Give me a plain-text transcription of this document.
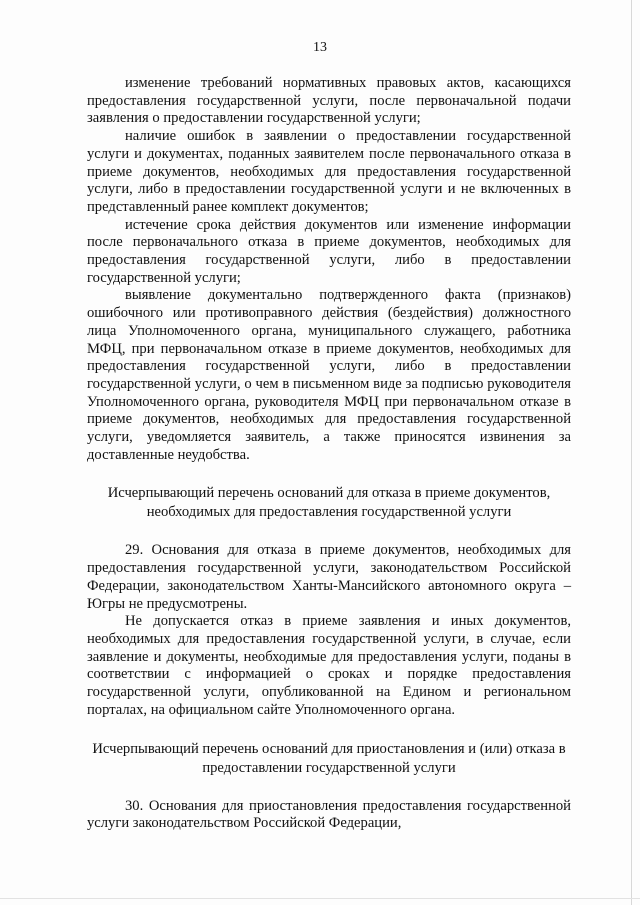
13

изменение требований нормативных правовых актов, касающихся предоставления государственной услуги, после первоначальной подачи заявления о предоставлении государственной услуги;

наличие ошибок в заявлении о предоставлении государственной услуги и документах, поданных заявителем после первоначального отказа в приеме документов, необходимых для предоставления государственной услуги, либо в предоставлении государственной услуги и не включенных в представленный ранее комплект документов;

истечение срока действия документов или изменение информации после первоначального отказа в приеме документов, необходимых для предоставления государственной услуги, либо в предоставлении государственной услуги;

выявление документально подтвержденного факта (признаков) ошибочного или противоправного действия (бездействия) должностного лица Уполномоченного органа, муниципального служащего, работника МФЦ, при первоначальном отказе в приеме документов, необходимых для предоставления государственной услуги, либо в предоставлении государственной услуги, о чем в письменном виде за подписью руководителя Уполномоченного органа, руководителя МФЦ при первоначальном отказе в приеме документов, необходимых для предоставления государственной услуги, уведомляется заявитель, а также приносятся извинения за доставленные неудобства.

Исчерпывающий перечень оснований для отказа в приеме документов, необходимых для предоставления государственной услуги

29. Основания для отказа в приеме документов, необходимых для предоставления государственной услуги, законодательством Российской Федерации, законодательством Ханты-Мансийского автономного округа – Югры не предусмотрены.

Не допускается отказ в приеме заявления и иных документов, необходимых для предоставления государственной услуги, в случае, если заявление и документы, необходимые для предоставления услуги, поданы в соответствии с информацией о сроках и порядке предоставления государственной услуги, опубликованной на Едином и региональном порталах, на официальном сайте Уполномоченного органа.

Исчерпывающий перечень оснований для приостановления и (или) отказа в предоставлении государственной услуги

30. Основания для приостановления предоставления государственной услуги законодательством Российской Федерации,
